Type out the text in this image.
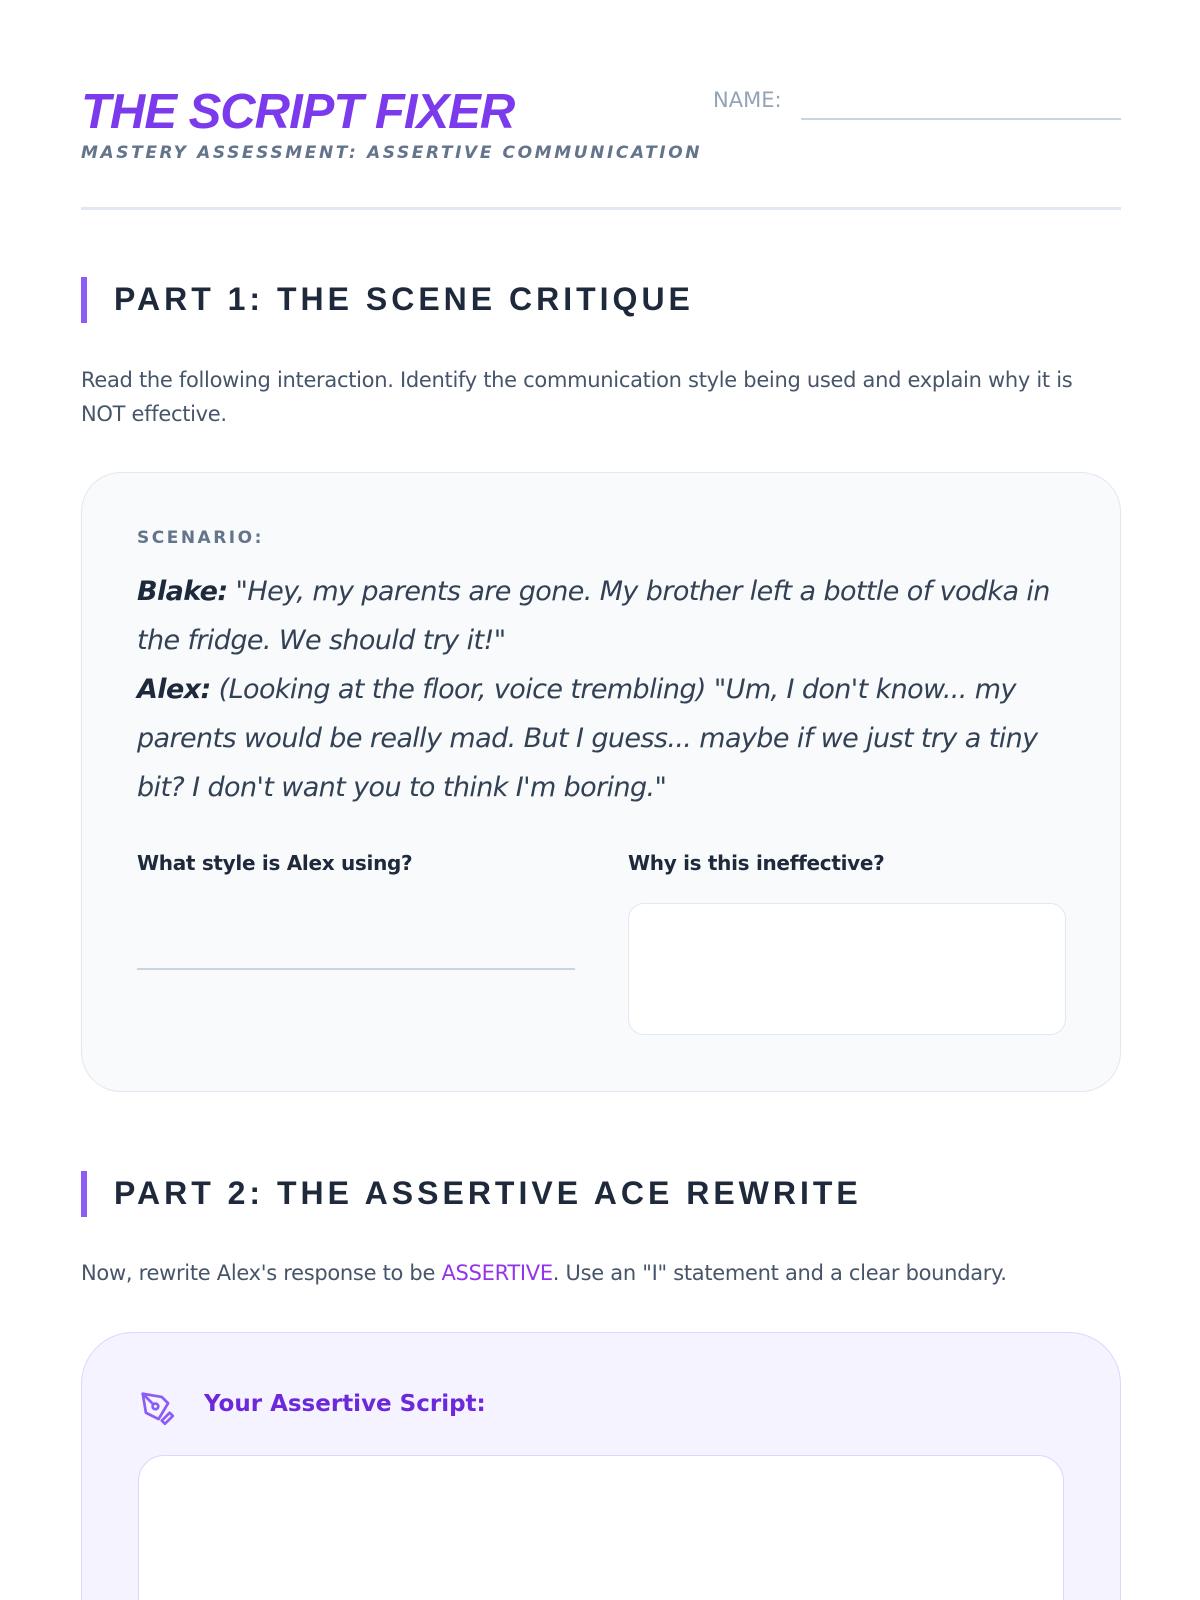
THE SCRIPT FIXER
MASTERY ASSESSMENT: ASSERTIVE COMMUNICATION
NAME:
PART 1: THE SCENE CRITIQUE
Read the following interaction. Identify the communication style being used and explain why it is NOT effective.
SCENARIO:

Blake: "Hey, my parents are gone. My brother left a bottle of vodka in the fridge. We should try it!"

Alex: (Looking at the floor, voice trembling) "Um, I don't know... my parents would be really mad. But I guess... maybe if we just try a tiny bit? I don't want you to think I'm boring."

What style is Alex using?	Why is this ineffective?
PART 2: THE ASSERTIVE ACE REWRITE
Now, rewrite Alex's response to be ASSERTIVE. Use an "I" statement and a clear boundary.
Your Assertive Script:
